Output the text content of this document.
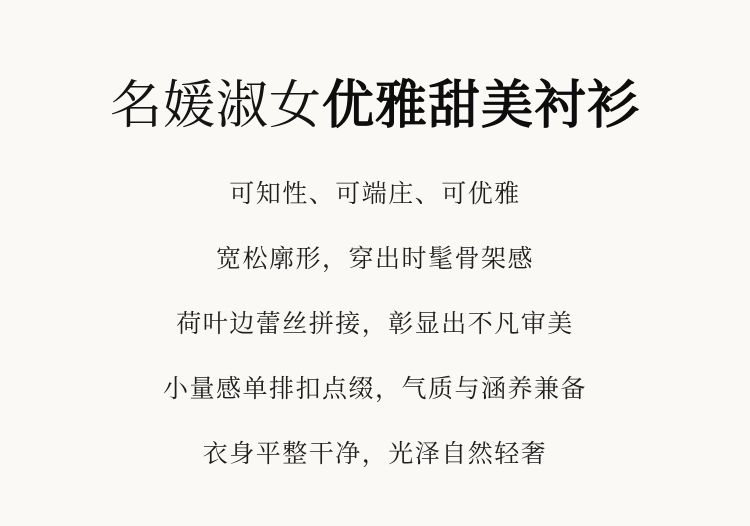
名媛淑女优雅甜美衬衫
可知性、可端庄、可优雅
宽松廓形，穿出时髦骨架感
荷叶边蕾丝拼接，彰显出不凡审美
小量感单排扣点缀，气质与涵养兼备
衣身平整干净，光泽自然轻奢
